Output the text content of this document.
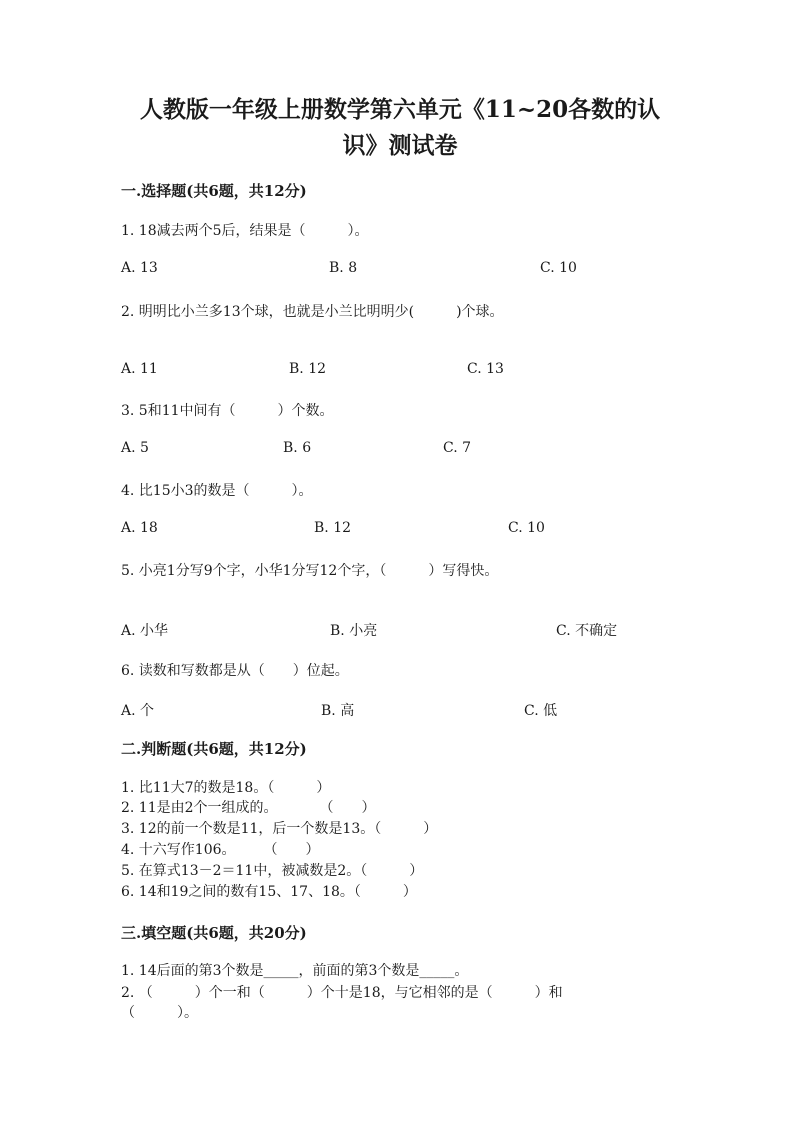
人教版一年级上册数学第六单元《11~20各数的认
识》测试卷
一.选择题(共6题，共12分)
1. 18减去两个5后，结果是（　　　）。
A. 13	B. 8	C. 10
2. 明明比小兰多13个球，也就是小兰比明明少(　　　)个球。
A. 11	B. 12	C. 13
3. 5和11中间有（　　　）个数。
A. 5	B. 6	C. 7
4. 比15小3的数是（　　　）。
A. 18	B. 12	C. 10
5. 小亮1分写9个字，小华1分写12个字，（　　　）写得快。
A. 小华	B. 小亮	C. 不确定
6. 读数和写数都是从（　　）位起。
A. 个	B. 高	C. 低
二.判断题(共6题，共12分)
1. 比11大7的数是18。（　　　）
2. 11是由2个一组成的。　　　　（　　）
3. 12的前一个数是11，后一个数是13。（　　　）
4. 十六写作106。　　　（　　）
5. 在算式13－2＝11中，被减数是2。（　　　）
6. 14和19之间的数有15、17、18。（　　　）
三.填空题(共6题，共20分)
1. 14后面的第3个数是_____，前面的第3个数是_____。
2. （　　　）个一和（　　　）个十是18，与它相邻的是（　　　）和
（　　　）。
